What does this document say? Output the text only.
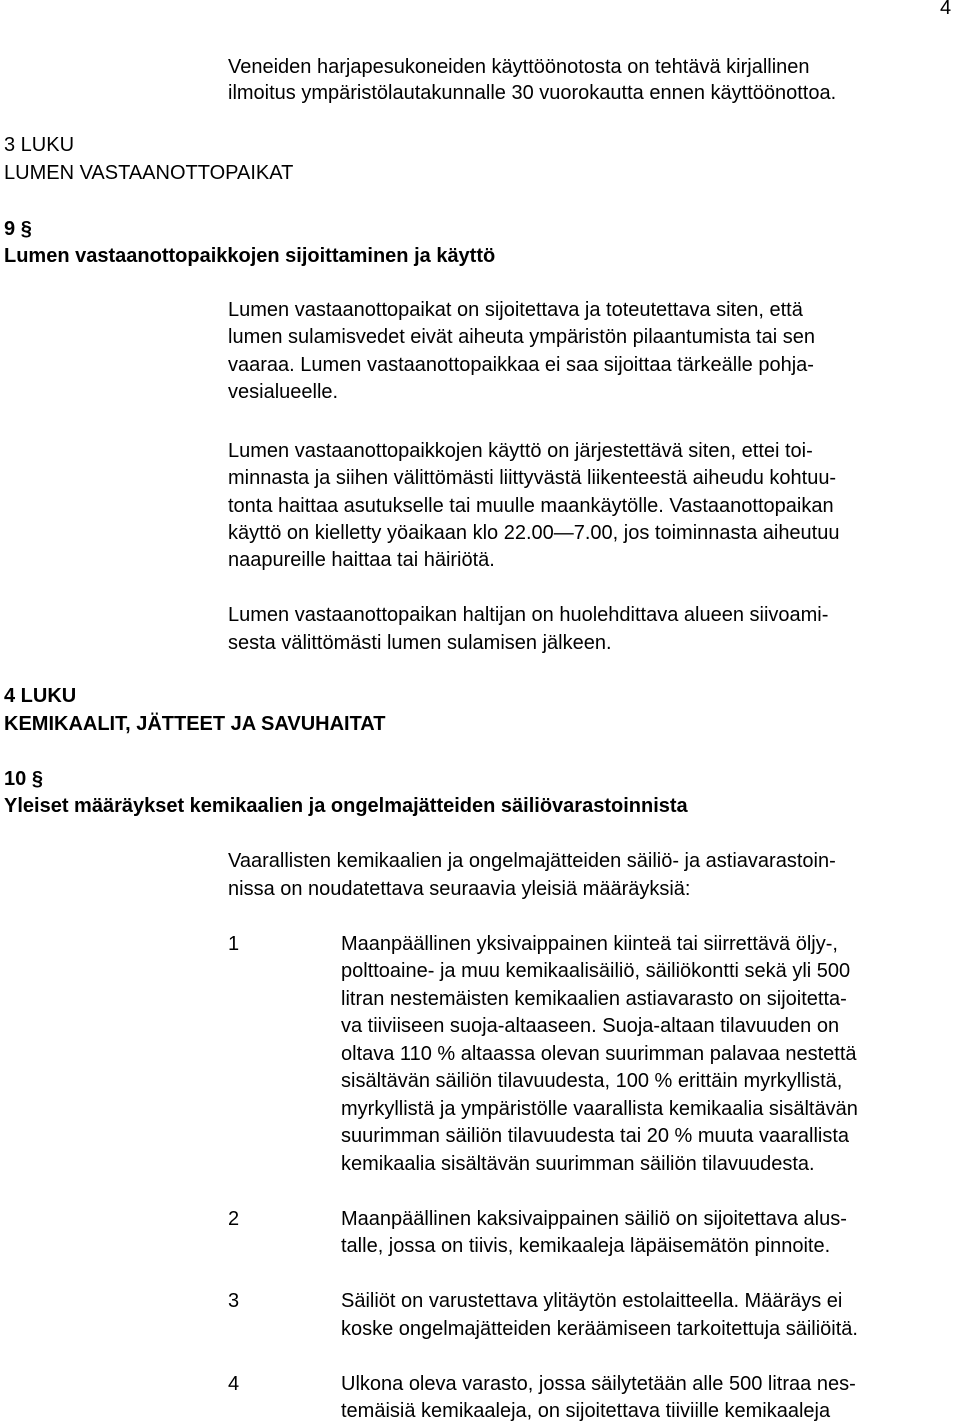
4
Veneiden harjapesukoneiden käyttöönotosta on tehtävä kirjallinen
ilmoitus ympäristölautakunnalle 30 vuorokautta ennen käyttöönottoa.
3 LUKU
LUMEN VASTAANOTTOPAIKAT
9 §
Lumen vastaanottopaikkojen sijoittaminen ja käyttö
Lumen vastaanottopaikat on sijoitettava ja toteutettava siten, että
lumen sulamisvedet eivät aiheuta ympäristön pilaantumista tai sen
vaaraa. Lumen vastaanottopaikkaa ei saa sijoittaa tärkeälle pohja-
vesialueelle.
Lumen vastaanottopaikkojen käyttö on järjestettävä siten, ettei toi-
minnasta ja siihen välittömästi liittyvästä liikenteestä aiheudu kohtuu-
tonta haittaa asutukselle tai muulle maankäytölle. Vastaanottopaikan
käyttö on kielletty yöaikaan klo 22.00—7.00, jos toiminnasta aiheutuu
naapureille haittaa tai häiriötä.
Lumen vastaanottopaikan haltijan on huolehdittava alueen siivoami-
sesta välittömästi lumen sulamisen jälkeen.
4 LUKU
KEMIKAALIT, JÄTTEET JA SAVUHAITAT
10 §
Yleiset määräykset kemikaalien ja ongelmajätteiden säiliövarastoinnista
Vaarallisten kemikaalien ja ongelmajätteiden säiliö- ja astiavarastoin-
nissa on noudatettava seuraavia yleisiä määräyksiä:
1	Maanpäällinen yksivaippainen kiinteä tai siirrettävä öljy-,
polttoaine- ja muu kemikaalisäiliö, säiliökontti sekä yli 500
litran nestemäisten kemikaalien astiavarasto on sijoitetta-
va tiiviiseen suoja-altaaseen. Suoja-altaan tilavuuden on
oltava 110 % altaassa olevan suurimman palavaa nestettä
sisältävän säiliön tilavuudesta, 100 % erittäin myrkyllistä,
myrkyllistä ja ympäristölle vaarallista kemikaalia sisältävän
suurimman säiliön tilavuudesta tai 20 % muuta vaarallista
kemikaalia sisältävän suurimman säiliön tilavuudesta.
2	Maanpäällinen kaksivaippainen säiliö on sijoitettava alus-
talle, jossa on tiivis, kemikaaleja läpäisemätön pinnoite.
3	Säiliöt on varustettava ylitäytön estolaitteella. Määräys ei
koske ongelmajätteiden keräämiseen tarkoitettuja säiliöitä.
4	Ulkona oleva varasto, jossa säilytetään alle 500 litraa nes-
temäisiä kemikaaleja, on sijoitettava tiiviille kemikaaleja
